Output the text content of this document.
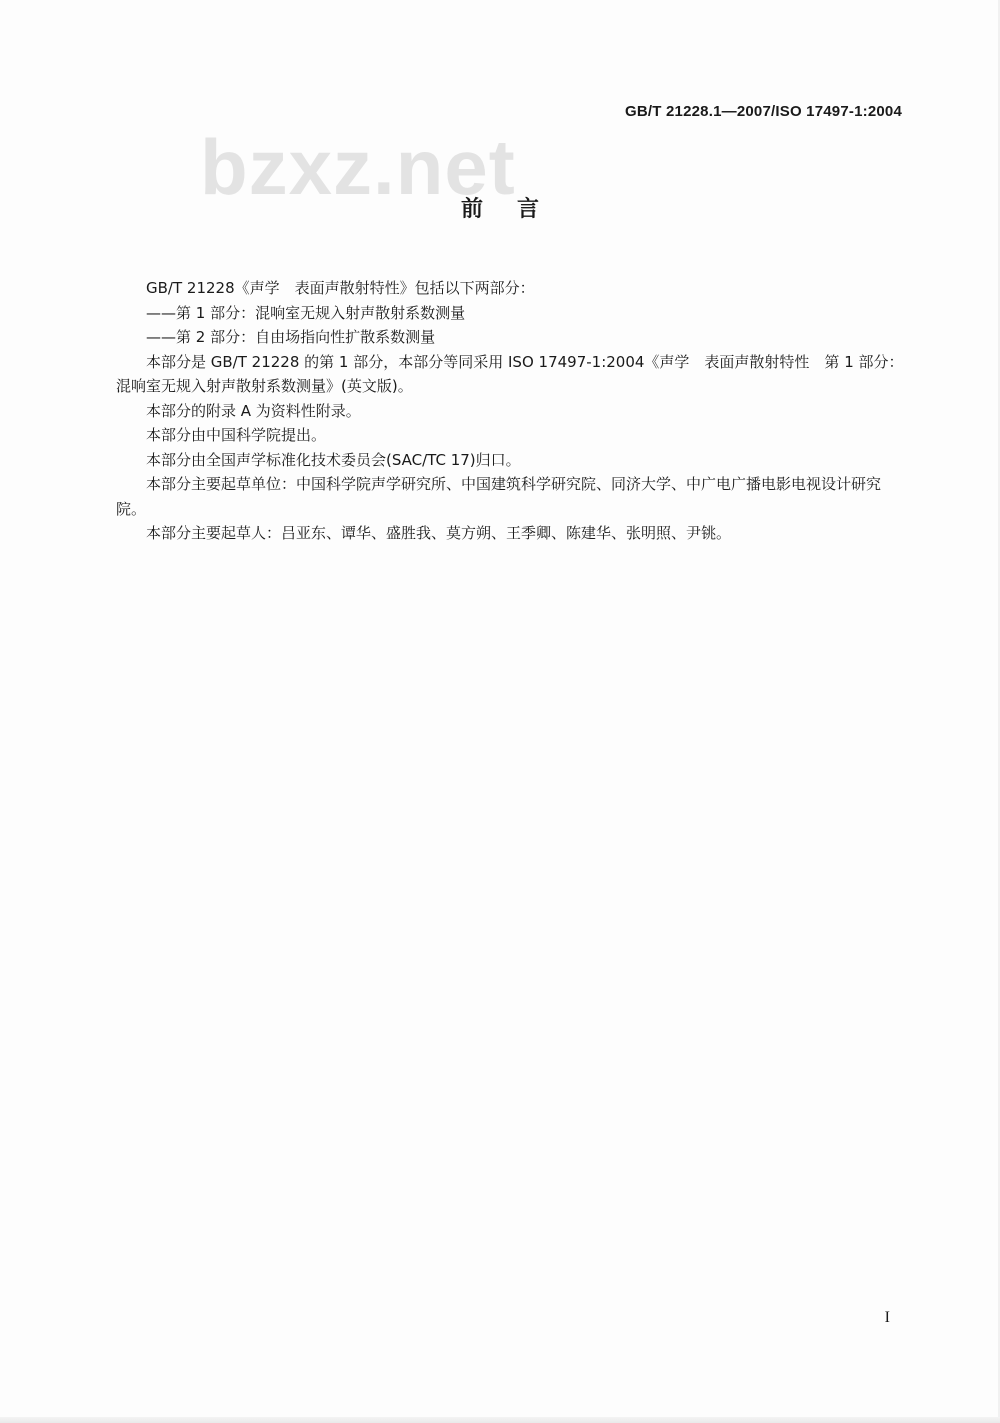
GB/T 21228.1—2007/ISO 17497-1:2004
bzxz.net
前言

GB/T 21228《声学　表面声散射特性》包括以下两部分：

——第 1 部分：混响室无规入射声散射系数测量

——第 2 部分：自由场指向性扩散系数测量

本部分是 GB/T 21228 的第 1 部分，本部分等同采用 ISO 17497-1:2004《声学　表面声散射特性　第 1 部分：混响室无规入射声散射系数测量》(英文版)。

本部分的附录 A 为资料性附录。

本部分由中国科学院提出。

本部分由全国声学标准化技术委员会(SAC/TC 17)归口。

本部分主要起草单位：中国科学院声学研究所、中国建筑科学研究院、同济大学、中广电广播电影电视设计研究院。

本部分主要起草人：吕亚东、谭华、盛胜我、莫方朔、王季卿、陈建华、张明照、尹铫。

I
